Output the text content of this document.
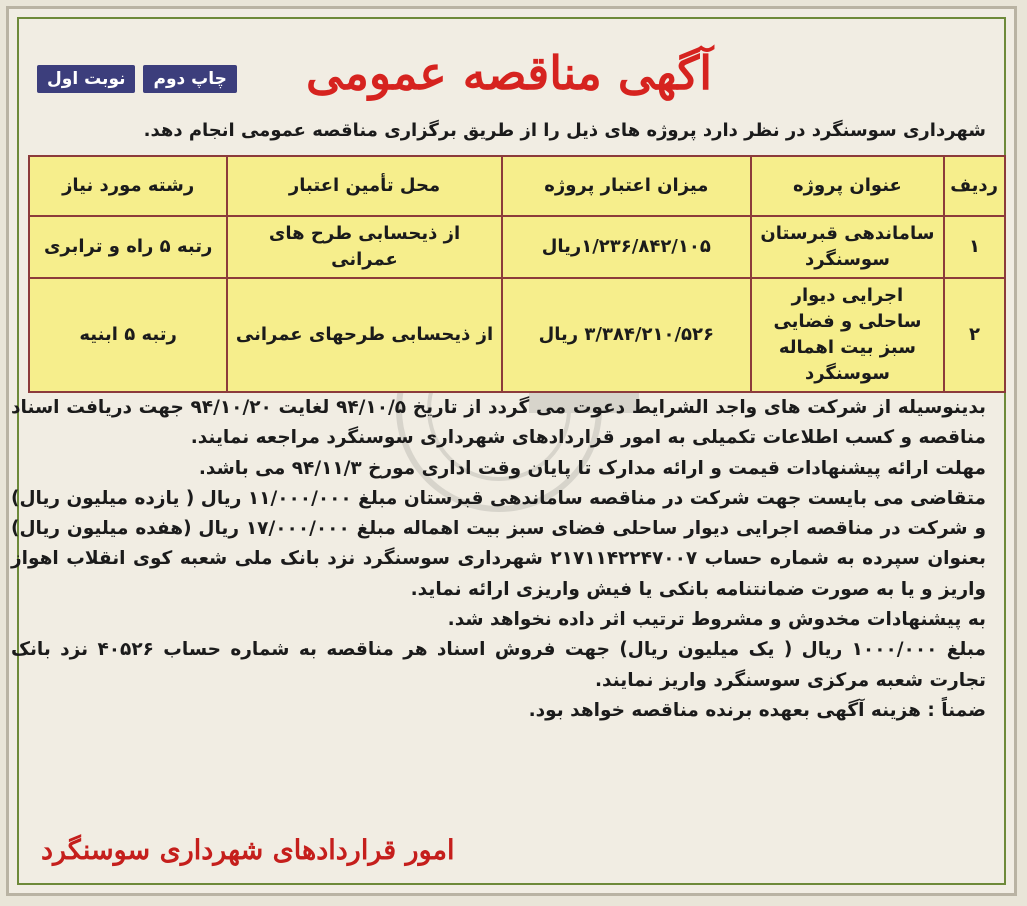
نوبت اول	چاپ دوم	آگهی مناقصه عمومی
شهرداری سوسنگرد در نظر دارد پروژه های ذیل را از طریق برگزاری مناقصه عمومی انجام دهد.
ردیف	عنوان پروژه	میزان اعتبار پروژه	محل تأمین اعتبار	رشته مورد نیاز
۱	ساماندهی قبرستان سوسنگرد	۱/۲۳۶/۸۴۲/۱۰۵ریال	از ذیحسابی طرح های عمرانی	رتبه ۵ راه و ترابری
۲	اجرایی دیوار ساحلی و فضایی سبز بیت اهماله سوسنگرد	۳/۳۸۴/۲۱۰/۵۲۶ ریال	از ذیحسابی طرحهای عمرانی	رتبه ۵ ابنیه

بدینوسیله از شرکت های واجد الشرایط دعوت می گردد از تاریخ ۹۴/۱۰/۵ لغایت ۹۴/۱۰/۲۰ جهت دریافت اسناد مناقصه و کسب اطلاعات تکمیلی به امور قراردادهای شهرداری سوسنگرد مراجعه نمایند.

مهلت ارائه پیشنهادات قیمت و ارائه مدارک تا پایان وقت اداری مورخ ۹۴/۱۱/۳ می باشد.

متقاضی می بایست جهت شرکت در مناقصه ساماندهی قبرستان مبلغ ۱۱/۰۰۰/۰۰۰ ریال ( یازده میلیون ریال) و شرکت در مناقصه اجرایی دیوار ساحلی فضای سبز بیت اهماله مبلغ ۱۷/۰۰۰/۰۰۰ ریال (هفده میلیون ریال) بعنوان سپرده به شماره حساب ۲۱۷۱۱۴۲۲۴۷۰۰۷ شهرداری سوسنگرد نزد بانک ملی شعبه کوی انقلاب اهواز واریز و یا به صورت ضمانتنامه بانکی یا فیش واریزی ارائه نماید.

به پیشنهادات مخدوش و مشروط ترتیب اثر داده نخواهد شد.

مبلغ ۱۰۰۰/۰۰۰ ریال ( یک میلیون ریال) جهت فروش اسناد هر مناقصه به شماره حساب ۴۰۵۲۶ نزد بانک تجارت شعبه مرکزی سوسنگرد واریز نمایند.

ضمناً : هزینه آگهی بعهده برنده مناقصه خواهد بود.

امور قراردادهای شهرداری سوسنگرد
